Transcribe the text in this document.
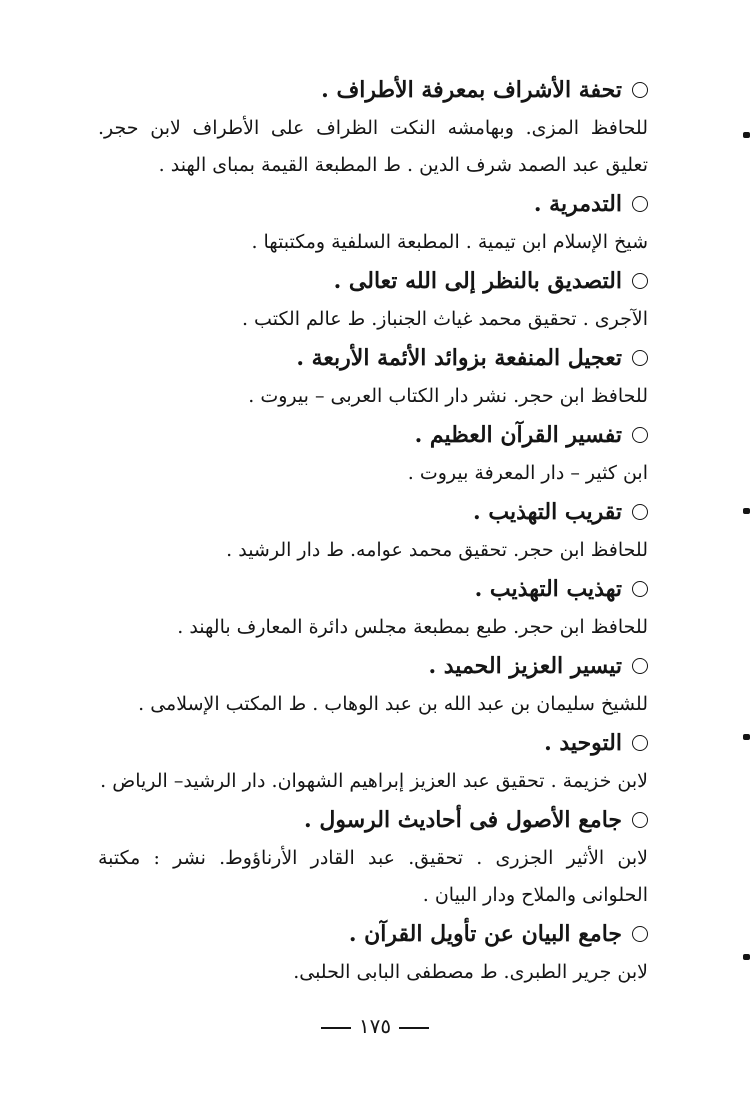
تحفة الأشراف بمعرفة الأطراف .
للحافظ المزى. وبهامشه النكت الظراف على الأطراف لابن حجر. تعليق عبد الصمد شرف الدين . ط المطبعة القيمة بمباى الهند .
التدمرية .
شيخ الإسلام ابن تيمية . المطبعة السلفية ومكتبتها .
التصديق بالنظر إلى الله تعالى .
الآجرى . تحقيق محمد غياث الجنباز. ط عالم الكتب .
تعجيل المنفعة بزوائد الأئمة الأربعة .
للحافظ ابن حجر. نشر دار الكتاب العربى – بيروت .
تفسير القرآن العظيم .
ابن كثير – دار المعرفة بيروت .
تقريب التهذيب .
للحافظ ابن حجر. تحقيق محمد عوامه. ط دار الرشيد .
تهذيب التهذيب .
للحافظ ابن حجر. طبع بمطبعة مجلس دائرة المعارف بالهند .
تيسير العزيز الحميد .
للشيخ سليمان بن عبد الله بن عبد الوهاب . ط المكتب الإسلامى .
التوحيد .
لابن خزيمة . تحقيق عبد العزيز إبراهيم الشهوان. دار الرشيد– الرياض .
جامع الأصول فى أحاديث الرسول .
لابن الأثير الجزرى . تحقيق. عبد القادر الأرناؤوط. نشر : مكتبة الحلوانى والملاح ودار البيان .
جامع البيان عن تأويل القرآن .
لابن جرير الطبرى. ط مصطفى البابى الحلبى.
١٧٥
